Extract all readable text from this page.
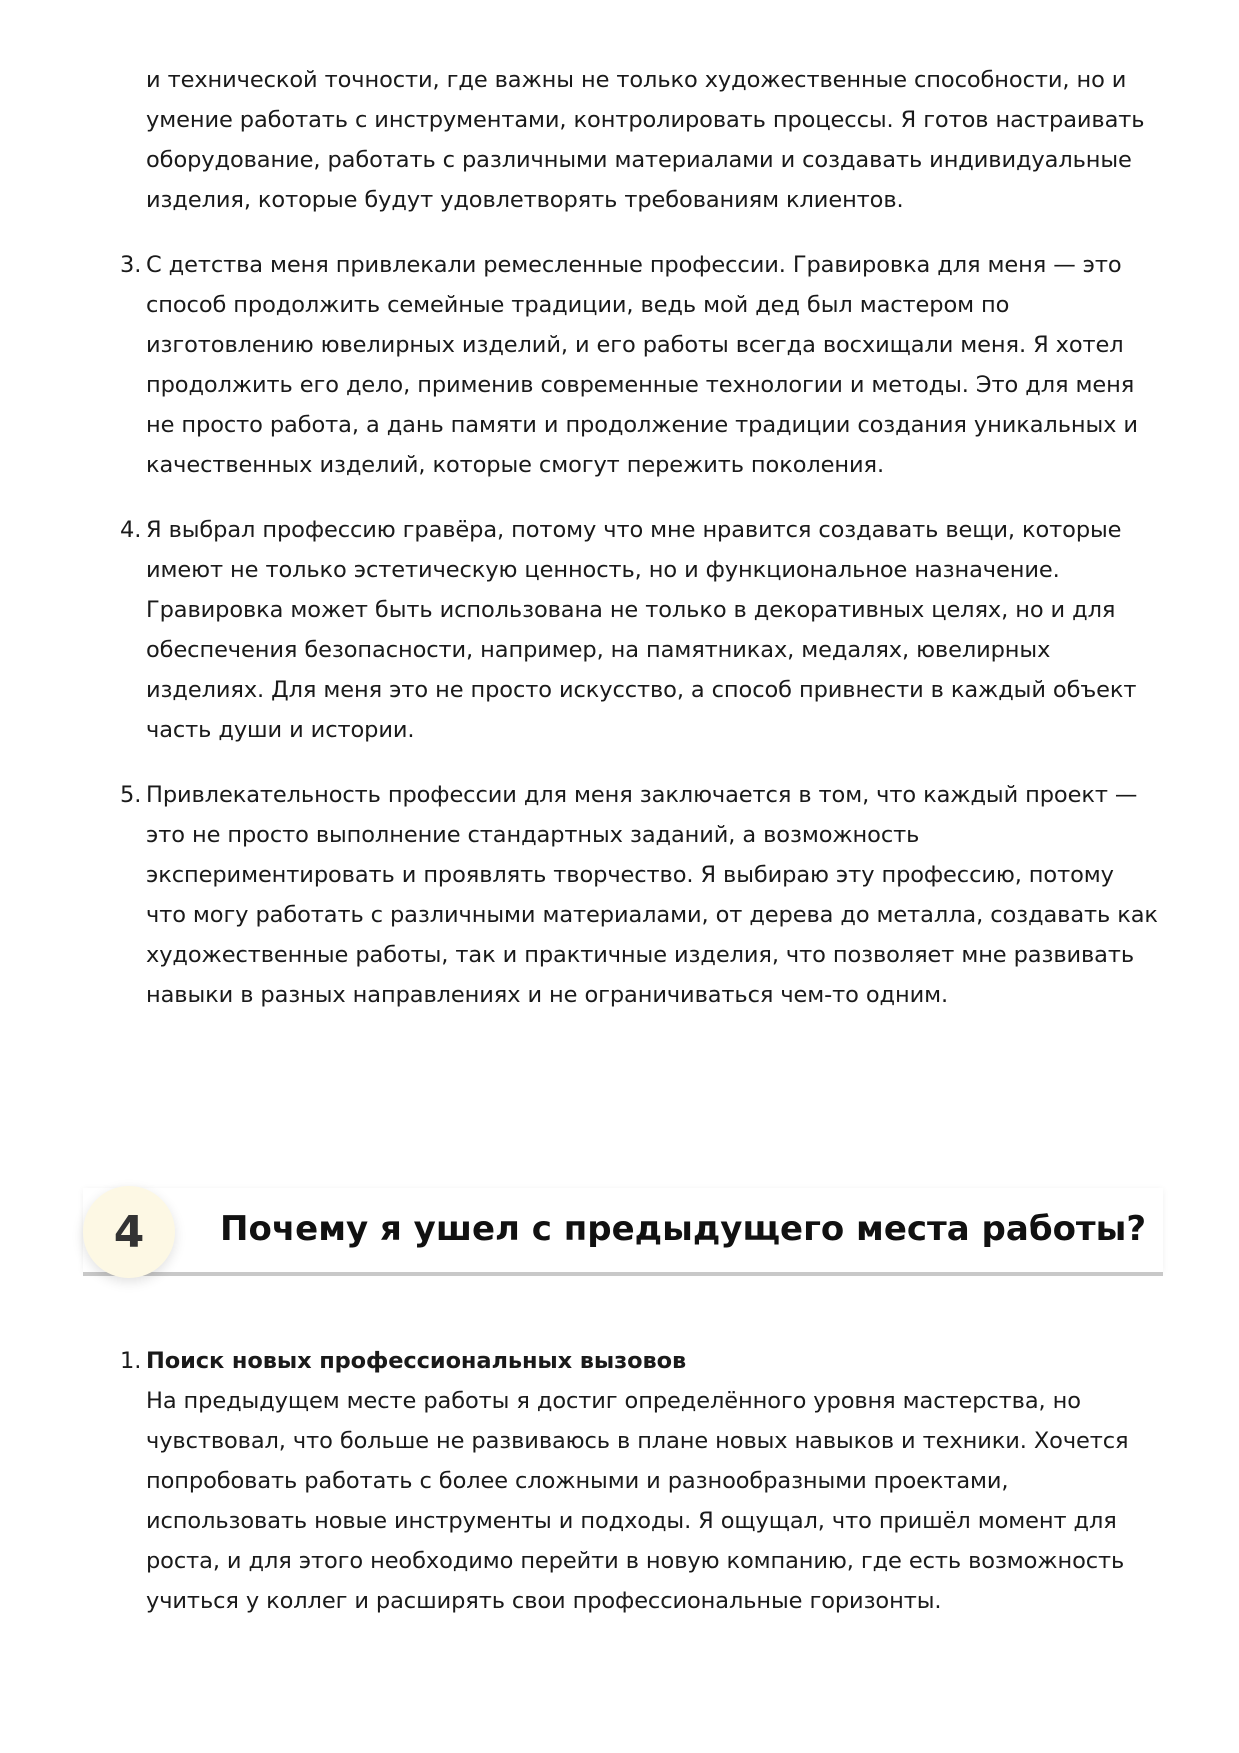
и технической точности, где важны не только художественные способности, но и умение работать с инструментами, контролировать процессы. Я готов настраивать оборудование, работать с различными материалами и создавать индивидуальные изделия, которые будут удовлетворять требованиям клиентов.
3. С детства меня привлекали ремесленные профессии. Гравировка для меня — это способ продолжить семейные традиции, ведь мой дед был мастером по изготовлению ювелирных изделий, и его работы всегда восхищали меня. Я хотел продолжить его дело, применив современные технологии и методы. Это для меня не просто работа, а дань памяти и продолжение традиции создания уникальных и качественных изделий, которые смогут пережить поколения.
4. Я выбрал профессию гравёра, потому что мне нравится создавать вещи, которые имеют не только эстетическую ценность, но и функциональное назначение. Гравировка может быть использована не только в декоративных целях, но и для обеспечения безопасности, например, на памятниках, медалях, ювелирных изделиях. Для меня это не просто искусство, а способ привнести в каждый объект часть души и истории.
5. Привлекательность профессии для меня заключается в том, что каждый проект — это не просто выполнение стандартных заданий, а возможность экспериментировать и проявлять творчество. Я выбираю эту профессию, потому что могу работать с различными материалами, от дерева до металла, создавать как художественные работы, так и практичные изделия, что позволяет мне развивать навыки в разных направлениях и не ограничиваться чем-то одним.
4	Почему я ушел с предыдущего места работы?
1. Поиск новых профессиональных вызовов
На предыдущем месте работы я достиг определённого уровня мастерства, но чувствовал, что больше не развиваюсь в плане новых навыков и техники. Хочется попробовать работать с более сложными и разнообразными проектами, использовать новые инструменты и подходы. Я ощущал, что пришёл момент для роста, и для этого необходимо перейти в новую компанию, где есть возможность учиться у коллег и расширять свои профессиональные горизонты.
